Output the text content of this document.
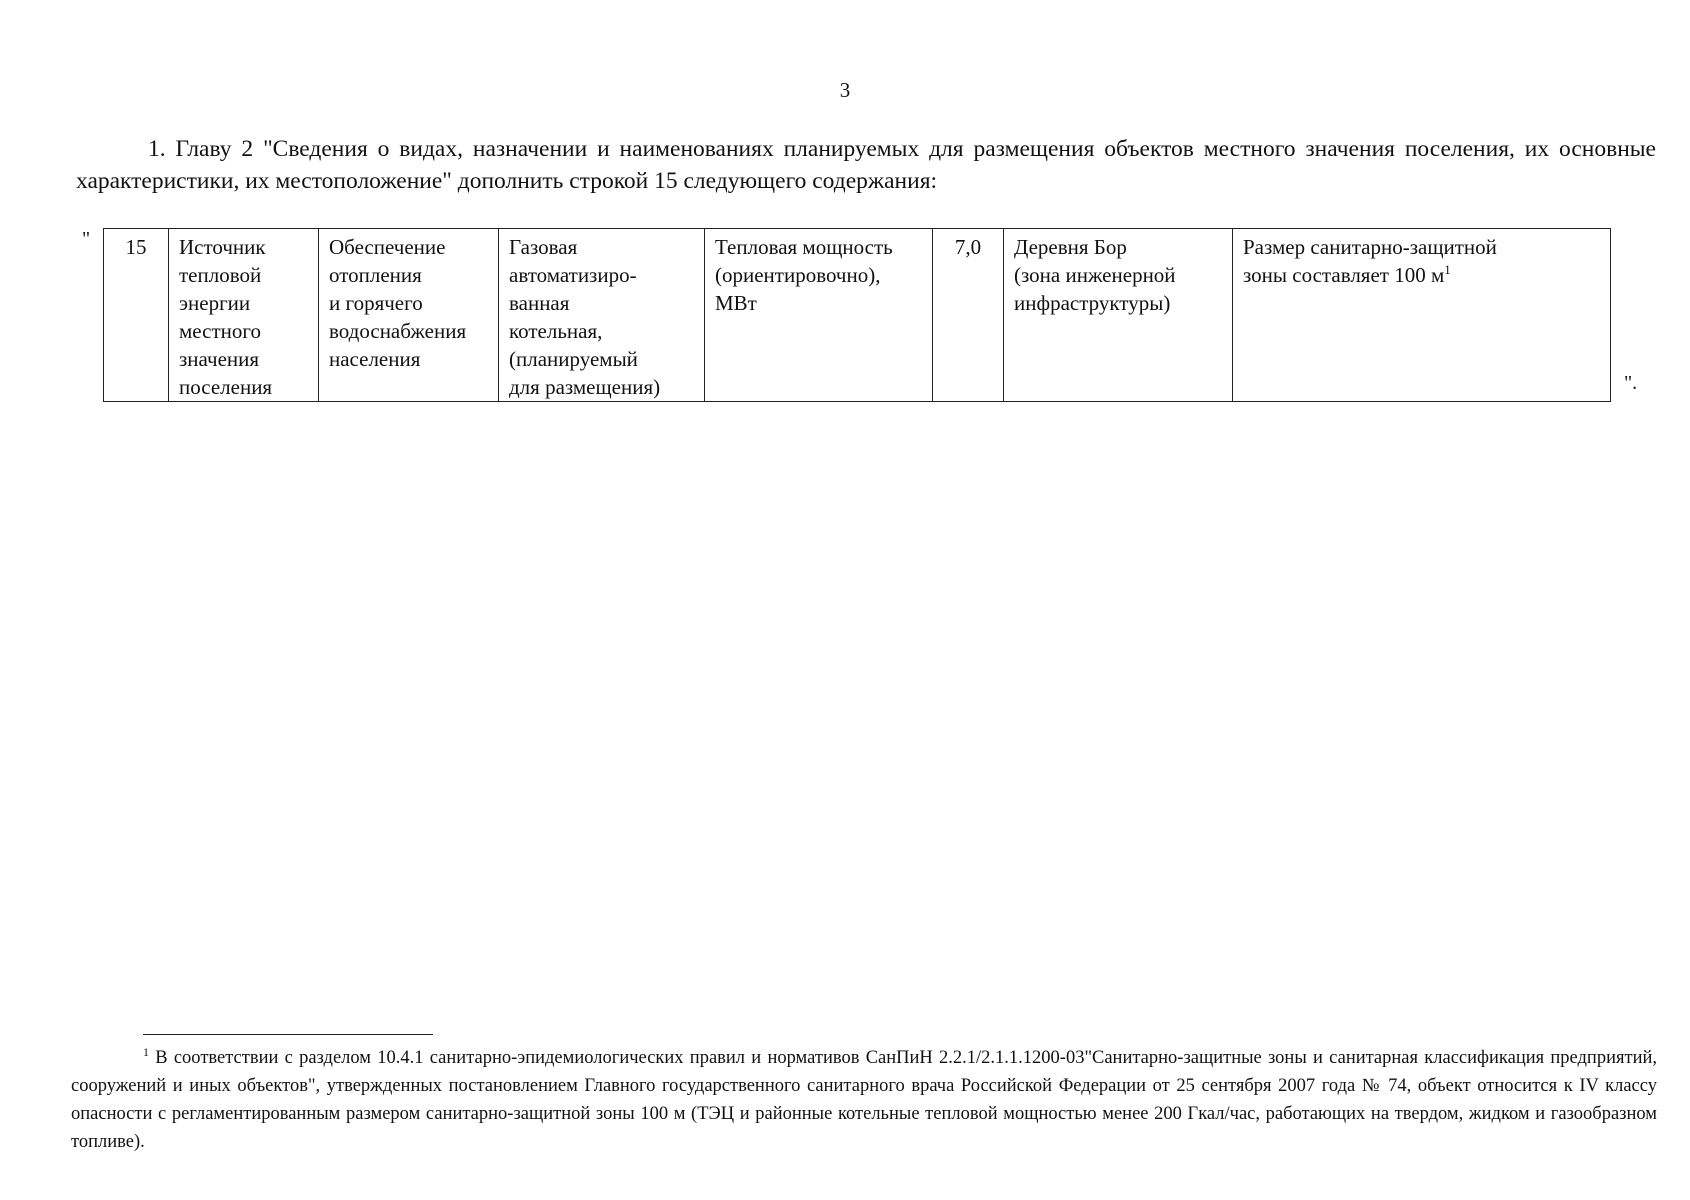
3
1. Главу 2 "Сведения о видах, назначении и наименованиях планируемых для размещения объектов местного значения поселения, их основные характеристики, их местоположение" дополнить строкой 15 следующего содержания:
" 15	Источник
тепловой
энергии
местного
значения
поселения	Обеспечение
отопления
и горячего
водоснабжения
населения	Газовая
автоматизиро-
ванная
котельная,
(планируемый
для размещения)	Тепловая мощность
(ориентировочно),
МВт	7,0	Деревня Бор
(зона инженерной
инфраструктуры)	Размер санитарно-защитной
зоны составляет 100 $м^1$
".
$^1$ В соответствии с разделом 10.4.1 санитарно-эпидемиологических правил и нормативов СанПиН 2.2.1/2.1.1.1200-03"Санитарно-защитные зоны и санитарная классификация предприятий, сооружений и иных объектов", утвержденных постановлением Главного государственного санитарного врача Российской Федерации от 25 сентября 2007 года № 74, объект относится к IV классу опасности с регламентированным размером санитарно-защитной зоны 100 м (ТЭЦ и районные котельные тепловой мощностью менее 200 Гкал/час, работающих на твердом, жидком и газообразном топливе).
